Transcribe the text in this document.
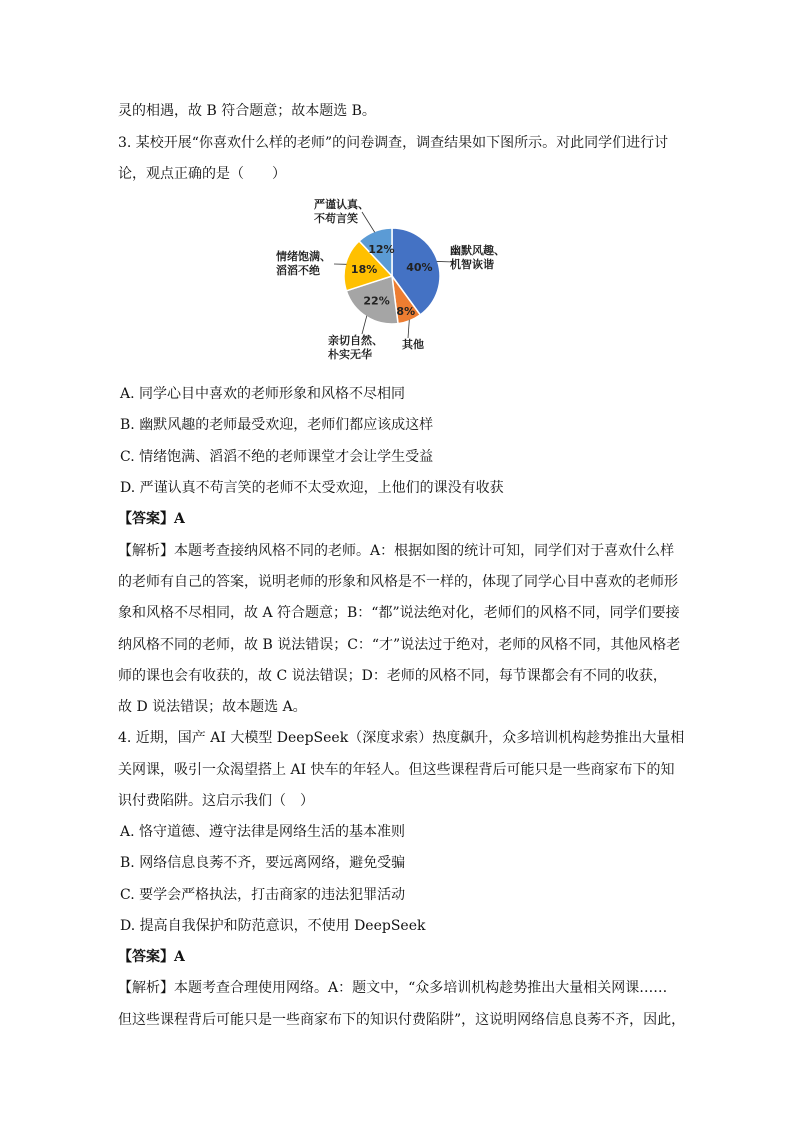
灵的相遇，故 B 符合题意；故本题选 B。
3. 某校开展“你喜欢什么样的老师”的问卷调查，调查结果如下图所示。对此同学们进行讨
论，观点正确的是（　　）
40%
8%
22%
18%
12%	幽默风趣、
机智诙谐
其他
亲切自然、
朴实无华
情绪饱满、
滔滔不绝
严谨认真、
不苟言笑
A. 同学心目中喜欢的老师形象和风格不尽相同
B. 幽默风趣的老师最受欢迎，老师们都应该成这样
C. 情绪饱满、滔滔不绝的老师课堂才会让学生受益
D. 严谨认真不苟言笑的老师不太受欢迎，上他们的课没有收获
【答案】A
【解析】本题考查接纳风格不同的老师。A：根据如图的统计可知，同学们对于喜欢什么样
的老师有自己的答案，说明老师的形象和风格是不一样的，体现了同学心目中喜欢的老师形
象和风格不尽相同，故 A 符合题意；B：“都”说法绝对化，老师们的风格不同，同学们要接
纳风格不同的老师，故 B 说法错误；C：“才”说法过于绝对，老师的风格不同，其他风格老
师的课也会有收获的，故 C 说法错误；D：老师的风格不同，每节课都会有不同的收获，
故 D 说法错误；故本题选 A。
4. 近期，国产 AI 大模型 DeepSeek（深度求索）热度飙升，众多培训机构趁势推出大量相
关网课，吸引一众渴望搭上 AI 快车的年轻人。但这些课程背后可能只是一些商家布下的知
识付费陷阱。这启示我们（　）
A. 恪守道德、遵守法律是网络生活的基本准则
B. 网络信息良莠不齐，要远离网络，避免受骗
C. 要学会严格执法，打击商家的违法犯罪活动
D. 提高自我保护和防范意识，不使用 DeepSeek
【答案】A
【解析】本题考查合理使用网络。A：题文中，“众多培训机构趁势推出大量相关网课……
但这些课程背后可能只是一些商家布下的知识付费陷阱”，这说明网络信息良莠不齐，因此，
